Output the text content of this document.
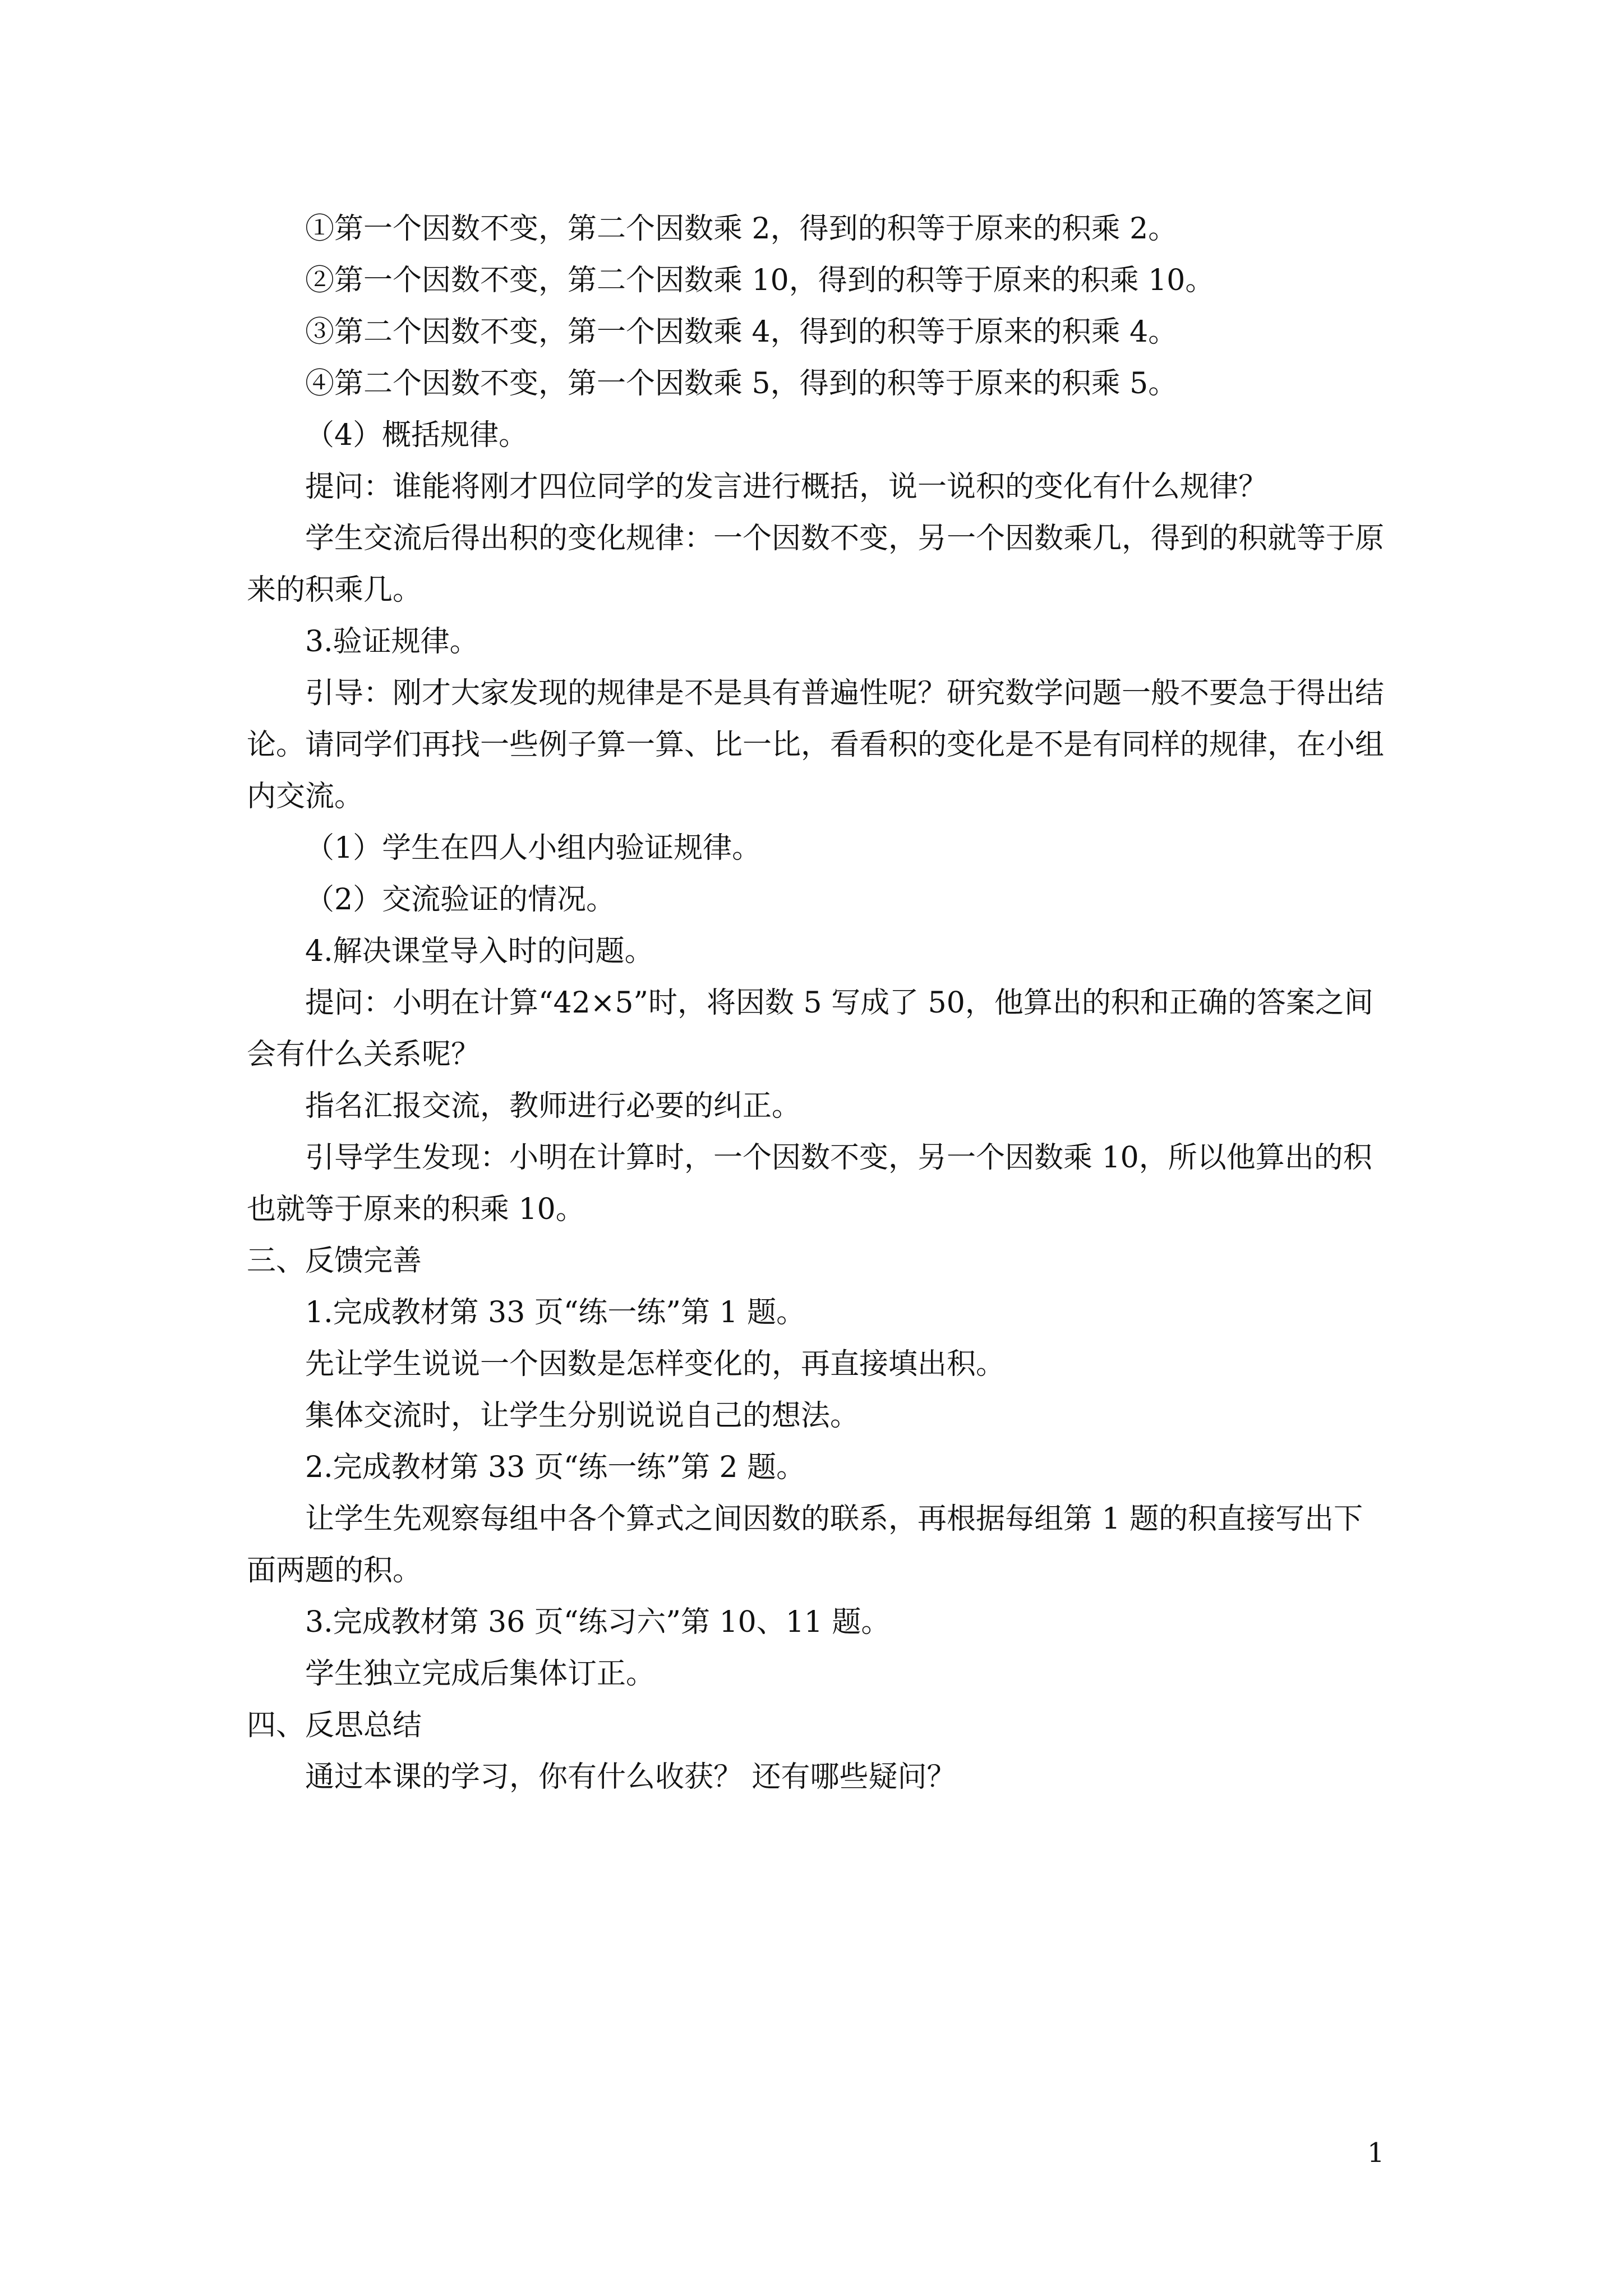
①第一个因数不变，第二个因数乘 2，得到的积等于原来的积乘 2。

②第一个因数不变，第二个因数乘 10，得到的积等于原来的积乘 10。

③第二个因数不变，第一个因数乘 4，得到的积等于原来的积乘 4。

④第二个因数不变，第一个因数乘 5，得到的积等于原来的积乘 5。

（4）概括规律。

提问：谁能将刚才四位同学的发言进行概括，说一说积的变化有什么规律？

学生交流后得出积的变化规律：一个因数不变，另一个因数乘几，得到的积就等于原来的积乘几。

3.验证规律。

引导：刚才大家发现的规律是不是具有普遍性呢？研究数学问题一般不要急于得出结论。请同学们再找一些例子算一算、比一比，看看积的变化是不是有同样的规律，在小组内交流。

（1）学生在四人小组内验证规律。

（2）交流验证的情况。

4.解决课堂导入时的问题。

提问：小明在计算“42×5”时，将因数 5 写成了 50，他算出的积和正确的答案之间会有什么关系呢？

指名汇报交流，教师进行必要的纠正。

引导学生发现：小明在计算时，一个因数不变，另一个因数乘 10，所以他算出的积也就等于原来的积乘 10。

三、反馈完善

1.完成教材第 33 页“练一练”第 1 题。

先让学生说说一个因数是怎样变化的，再直接填出积。

集体交流时，让学生分别说说自己的想法。

2.完成教材第 33 页“练一练”第 2 题。

让学生先观察每组中各个算式之间因数的联系，再根据每组第 1 题的积直接写出下面两题的积。

3.完成教材第 36 页“练习六”第 10、11 题。

学生独立完成后集体订正。

四、反思总结

通过本课的学习，你有什么收获？ 还有哪些疑问？

1
